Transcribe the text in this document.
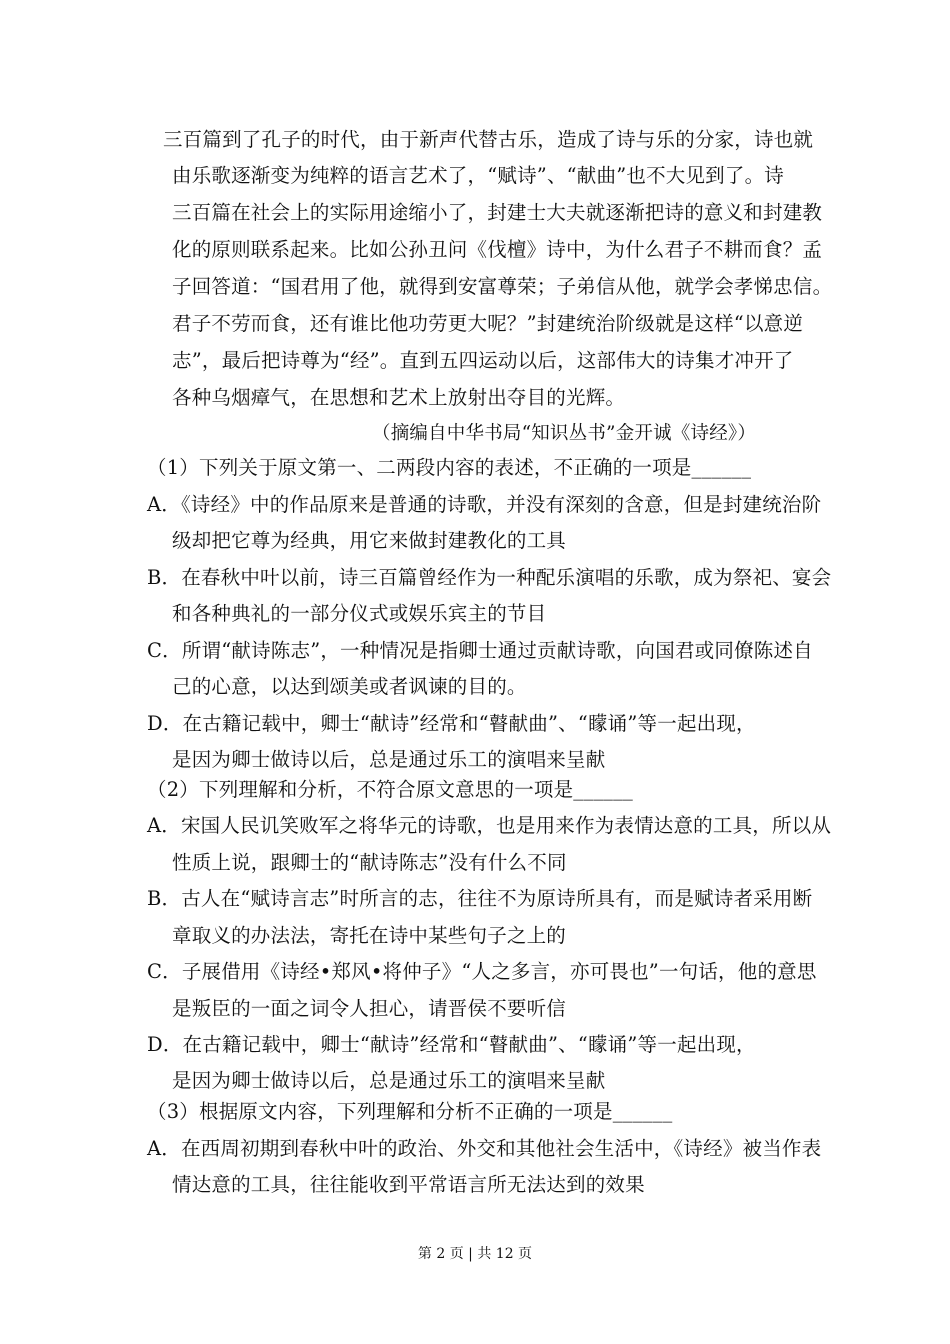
三百篇到了孔子的时代，由于新声代替古乐，造成了诗与乐的分家，诗也就
由乐歌逐渐变为纯粹的语言艺术了，“赋诗”、“献曲”也不大见到了。诗
三百篇在社会上的实际用途缩小了，封建士大夫就逐渐把诗的意义和封建教
化的原则联系起来。比如公孙丑问《伐檀》诗中，为什么君子不耕而食？孟
子回答道：“国君用了他，就得到安富尊荣；子弟信从他，就学会孝悌忠信。
君子不劳而食，还有谁比他功劳更大呢？”封建统治阶级就是这样“以意逆
志”，最后把诗尊为“经”。直到五四运动以后，这部伟大的诗集才冲开了
各种乌烟瘴气，在思想和艺术上放射出夺目的光辉。
（摘编自中华书局“知识丛书”金开诚《诗经》）
（1）下列关于原文第一、二两段内容的表述，不正确的一项是______
A．《诗经》中的作品原来是普通的诗歌，并没有深刻的含意，但是封建统治阶
级却把它尊为经典，用它来做封建教化的工具
B．在春秋中叶以前，诗三百篇曾经作为一种配乐演唱的乐歌，成为祭祀、宴会
和各种典礼的一部分仪式或娱乐宾主的节目
C．所谓“献诗陈志”，一种情况是指卿士通过贡献诗歌，向国君或同僚陈述自
己的心意，以达到颂美或者讽谏的目的。
D．在古籍记载中，卿士“献诗”经常和“瞽献曲”、“矇诵”等一起出现，
是因为卿士做诗以后，总是通过乐工的演唱来呈献
（2）下列理解和分析，不符合原文意思的一项是______
A．宋国人民讥笑败军之将华元的诗歌，也是用来作为表情达意的工具，所以从
性质上说，跟卿士的“献诗陈志”没有什么不同
B．古人在“赋诗言志”时所言的志，往往不为原诗所具有，而是赋诗者采用断
章取义的办法法，寄托在诗中某些句子之上的
C．子展借用《诗经•郑风•将仲子》“人之多言，亦可畏也”一句话，他的意思
是叛臣的一面之词令人担心，请晋侯不要听信
D．在古籍记载中，卿士“献诗”经常和“瞽献曲”、“矇诵”等一起出现，
是因为卿士做诗以后，总是通过乐工的演唱来呈献
（3）根据原文内容，下列理解和分析不正确的一项是______
A．在西周初期到春秋中叶的政治、外交和其他社会生活中，《诗经》被当作表
情达意的工具，往往能收到平常语言所无法达到的效果
第 2 页 | 共 12 页
